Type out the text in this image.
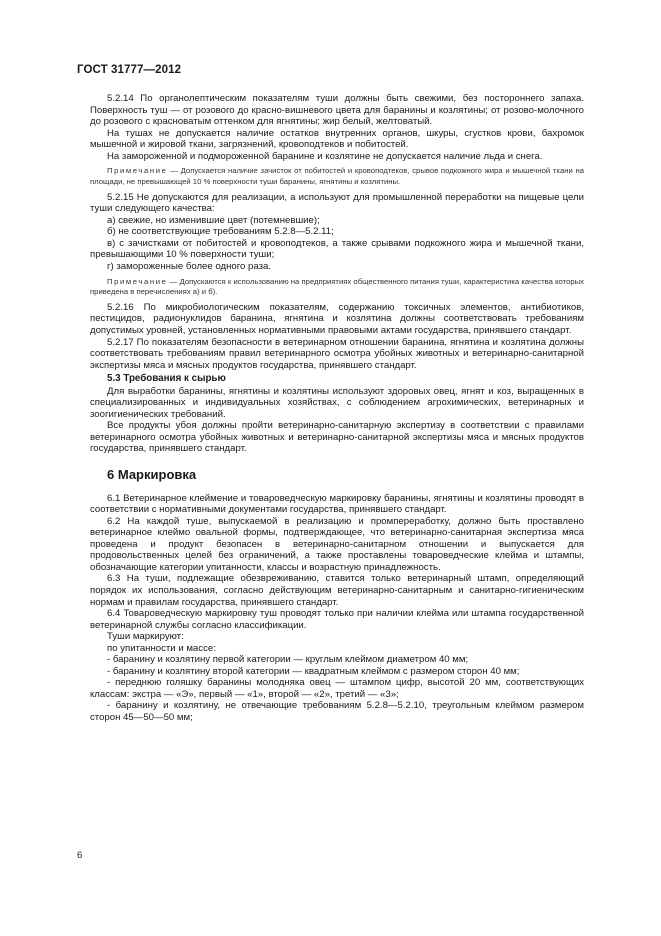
ГОСТ 31777—2012

5.2.14 По органолептическим показателям туши должны быть свежими, без постороннего запаха. Поверхность туш — от розового до красно-вишневого цвета для баранины и козлятины; от розово-молочного до розового с красноватым оттенком для ягнятины; жир белый, желтоватый.

На тушах не допускается наличие остатков внутренних органов, шкуры, сгустков крови, бахромок мышечной и жировой ткани, загрязнений, кровоподтеков и побитостей.

На замороженной и подмороженной баранине и козлятине не допускается наличие льда и снега.

Примечание — Допускается наличие зачисток от побитостей и кровоподтеков, срывов подкожного жира и мышечной ткани на площади, не превышающей 10 % поверхности туши баранины, ягнятины и козлятины.

5.2.15 Не допускаются для реализации, а используют для промышленной переработки на пищевые цели туши следующего качества:

а) свежие, но изменившие цвет (потемневшие);

б) не соответствующие требованиям 5.2.8—5.2.11;

в) с зачистками от побитостей и кровоподтеков, а также срывами подкожного жира и мышечной ткани, превышающими 10 % поверхности туши;

г) замороженные более одного раза.

Примечание — Допускаются к использованию на предприятиях общественного питания туши, характеристика качества которых приведена в перечислениях а) и б).

5.2.16 По микробиологическим показателям, содержанию токсичных элементов, антибиотиков, пестицидов, радионуклидов баранина, ягнятина и козлятина должны соответствовать требованиям допустимых уровней, установленных нормативными правовыми актами государства, принявшего стандарт.

5.2.17 По показателям безопасности в ветеринарном отношении баранина, ягнятина и козлятина должны соответствовать требованиям правил ветеринарного осмотра убойных животных и ветеринарно-санитарной экспертизы мяса и мясных продуктов государства, принявшего стандарт.

5.3 Требования к сырью

Для выработки баранины, ягнятины и козлятины используют здоровых овец, ягнят и коз, выращенных в специализированных и индивидуальных хозяйствах, с соблюдением агрохимических, ветеринарных и зоогигиенических требований.

Все продукты убоя должны пройти ветеринарно-санитарную экспертизу в соответствии с правилами ветеринарного осмотра убойных животных и ветеринарно-санитарной экспертизы мяса и мясных продуктов государства, принявшего стандарт.

6 Маркировка

6.1 Ветеринарное клеймение и товароведческую маркировку баранины, ягнятины и козлятины проводят в соответствии с нормативными документами государства, принявшего стандарт.

6.2 На каждой туше, выпускаемой в реализацию и промпереработку, должно быть проставлено ветеринарное клеймо овальной формы, подтверждающее, что ветеринарно-санитарная экспертиза мяса проведена и продукт безопасен в ветеринарно-санитарном отношении и выпускается для продовольственных целей без ограничений, а также проставлены товароведческие клейма и штампы, обозначающие категории упитанности, классы и возрастную принадлежность.

6.3 На туши, подлежащие обезвреживанию, ставится только ветеринарный штамп, определяющий порядок их использования, согласно действующим ветеринарно-санитарным и санитарно-гигиеническим нормам и правилам государства, принявшего стандарт.

6.4 Товароведческую маркировку туш проводят только при наличии клейма или штампа государственной ветеринарной службы согласно классификации.

Туши маркируют:

по упитанности и массе:

- баранину и козлятину первой категории — круглым клеймом диаметром 40 мм;

- баранину и козлятину второй категории — квадратным клеймом с размером сторон 40 мм;

- переднюю голяшку баранины молодняка овец — штампом цифр, высотой 20 мм, соответствующих классам: экстра — «Э», первый — «1», второй — «2», третий — «3»;

- баранину и козлятину, не отвечающие требованиям 5.2.8—5.2.10, треугольным клеймом размером сторон 45—50—50 мм;

6
